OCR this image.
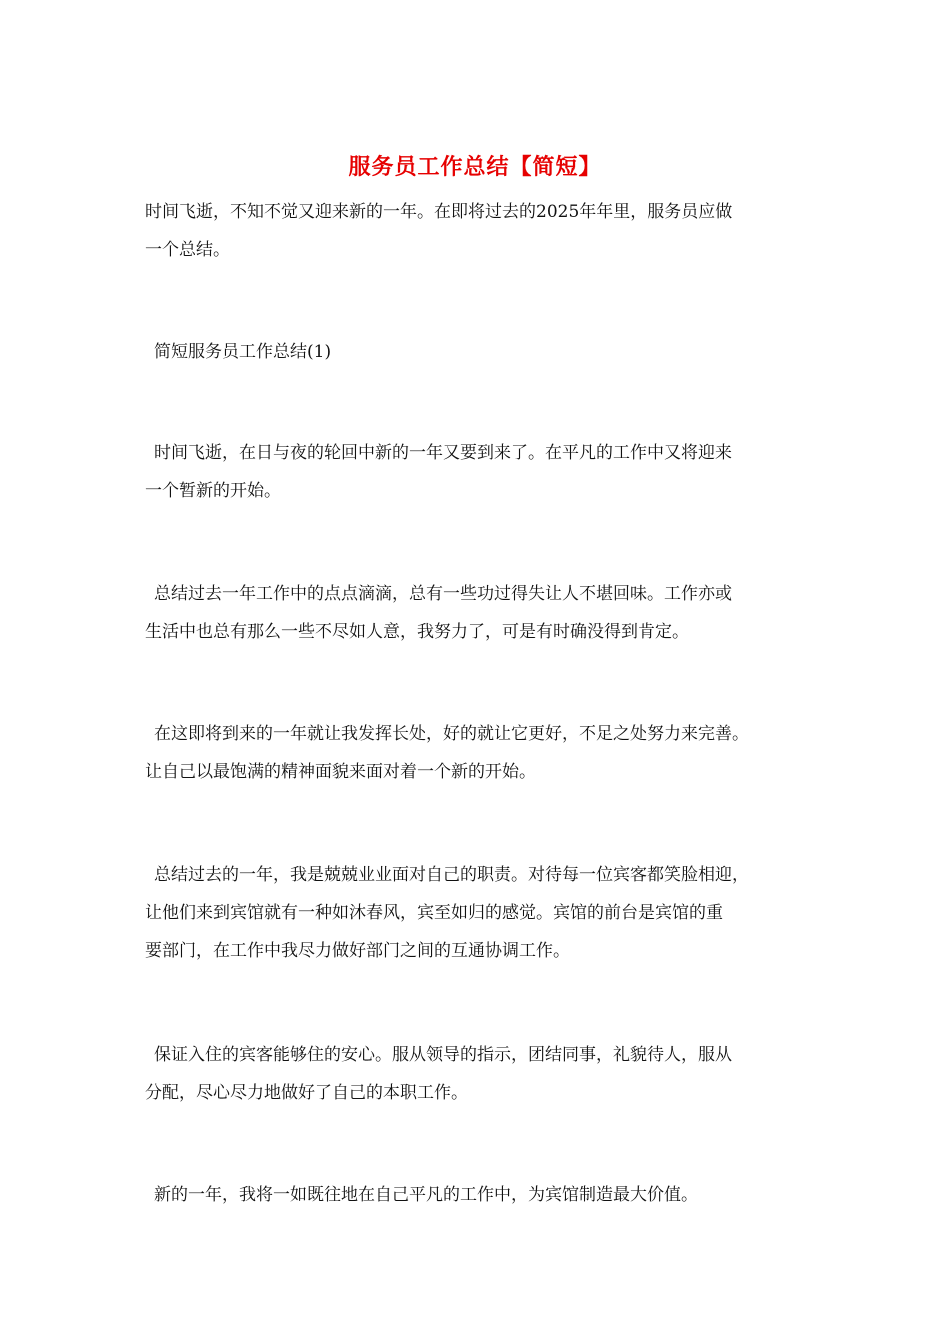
服务员工作总结【简短】
时间飞逝，不知不觉又迎来新的一年。在即将过去的2025年年里，服务员应做
一个总结。
简短服务员工作总结(1)
时间飞逝，在日与夜的轮回中新的一年又要到来了。在平凡的工作中又将迎来
一个暂新的开始。
总结过去一年工作中的点点滴滴，总有一些功过得失让人不堪回味。工作亦或
生活中也总有那么一些不尽如人意，我努力了，可是有时确没得到肯定。
在这即将到来的一年就让我发挥长处，好的就让它更好，不足之处努力来完善。
让自己以最饱满的精神面貌来面对着一个新的开始。
总结过去的一年，我是兢兢业业面对自己的职责。对待每一位宾客都笑脸相迎，
让他们来到宾馆就有一种如沐春风，宾至如归的感觉。宾馆的前台是宾馆的重
要部门，在工作中我尽力做好部门之间的互通协调工作。
保证入住的宾客能够住的安心。服从领导的指示，团结同事，礼貌待人，服从
分配，尽心尽力地做好了自己的本职工作。
新的一年，我将一如既往地在自己平凡的工作中，为宾馆制造最大价值。
